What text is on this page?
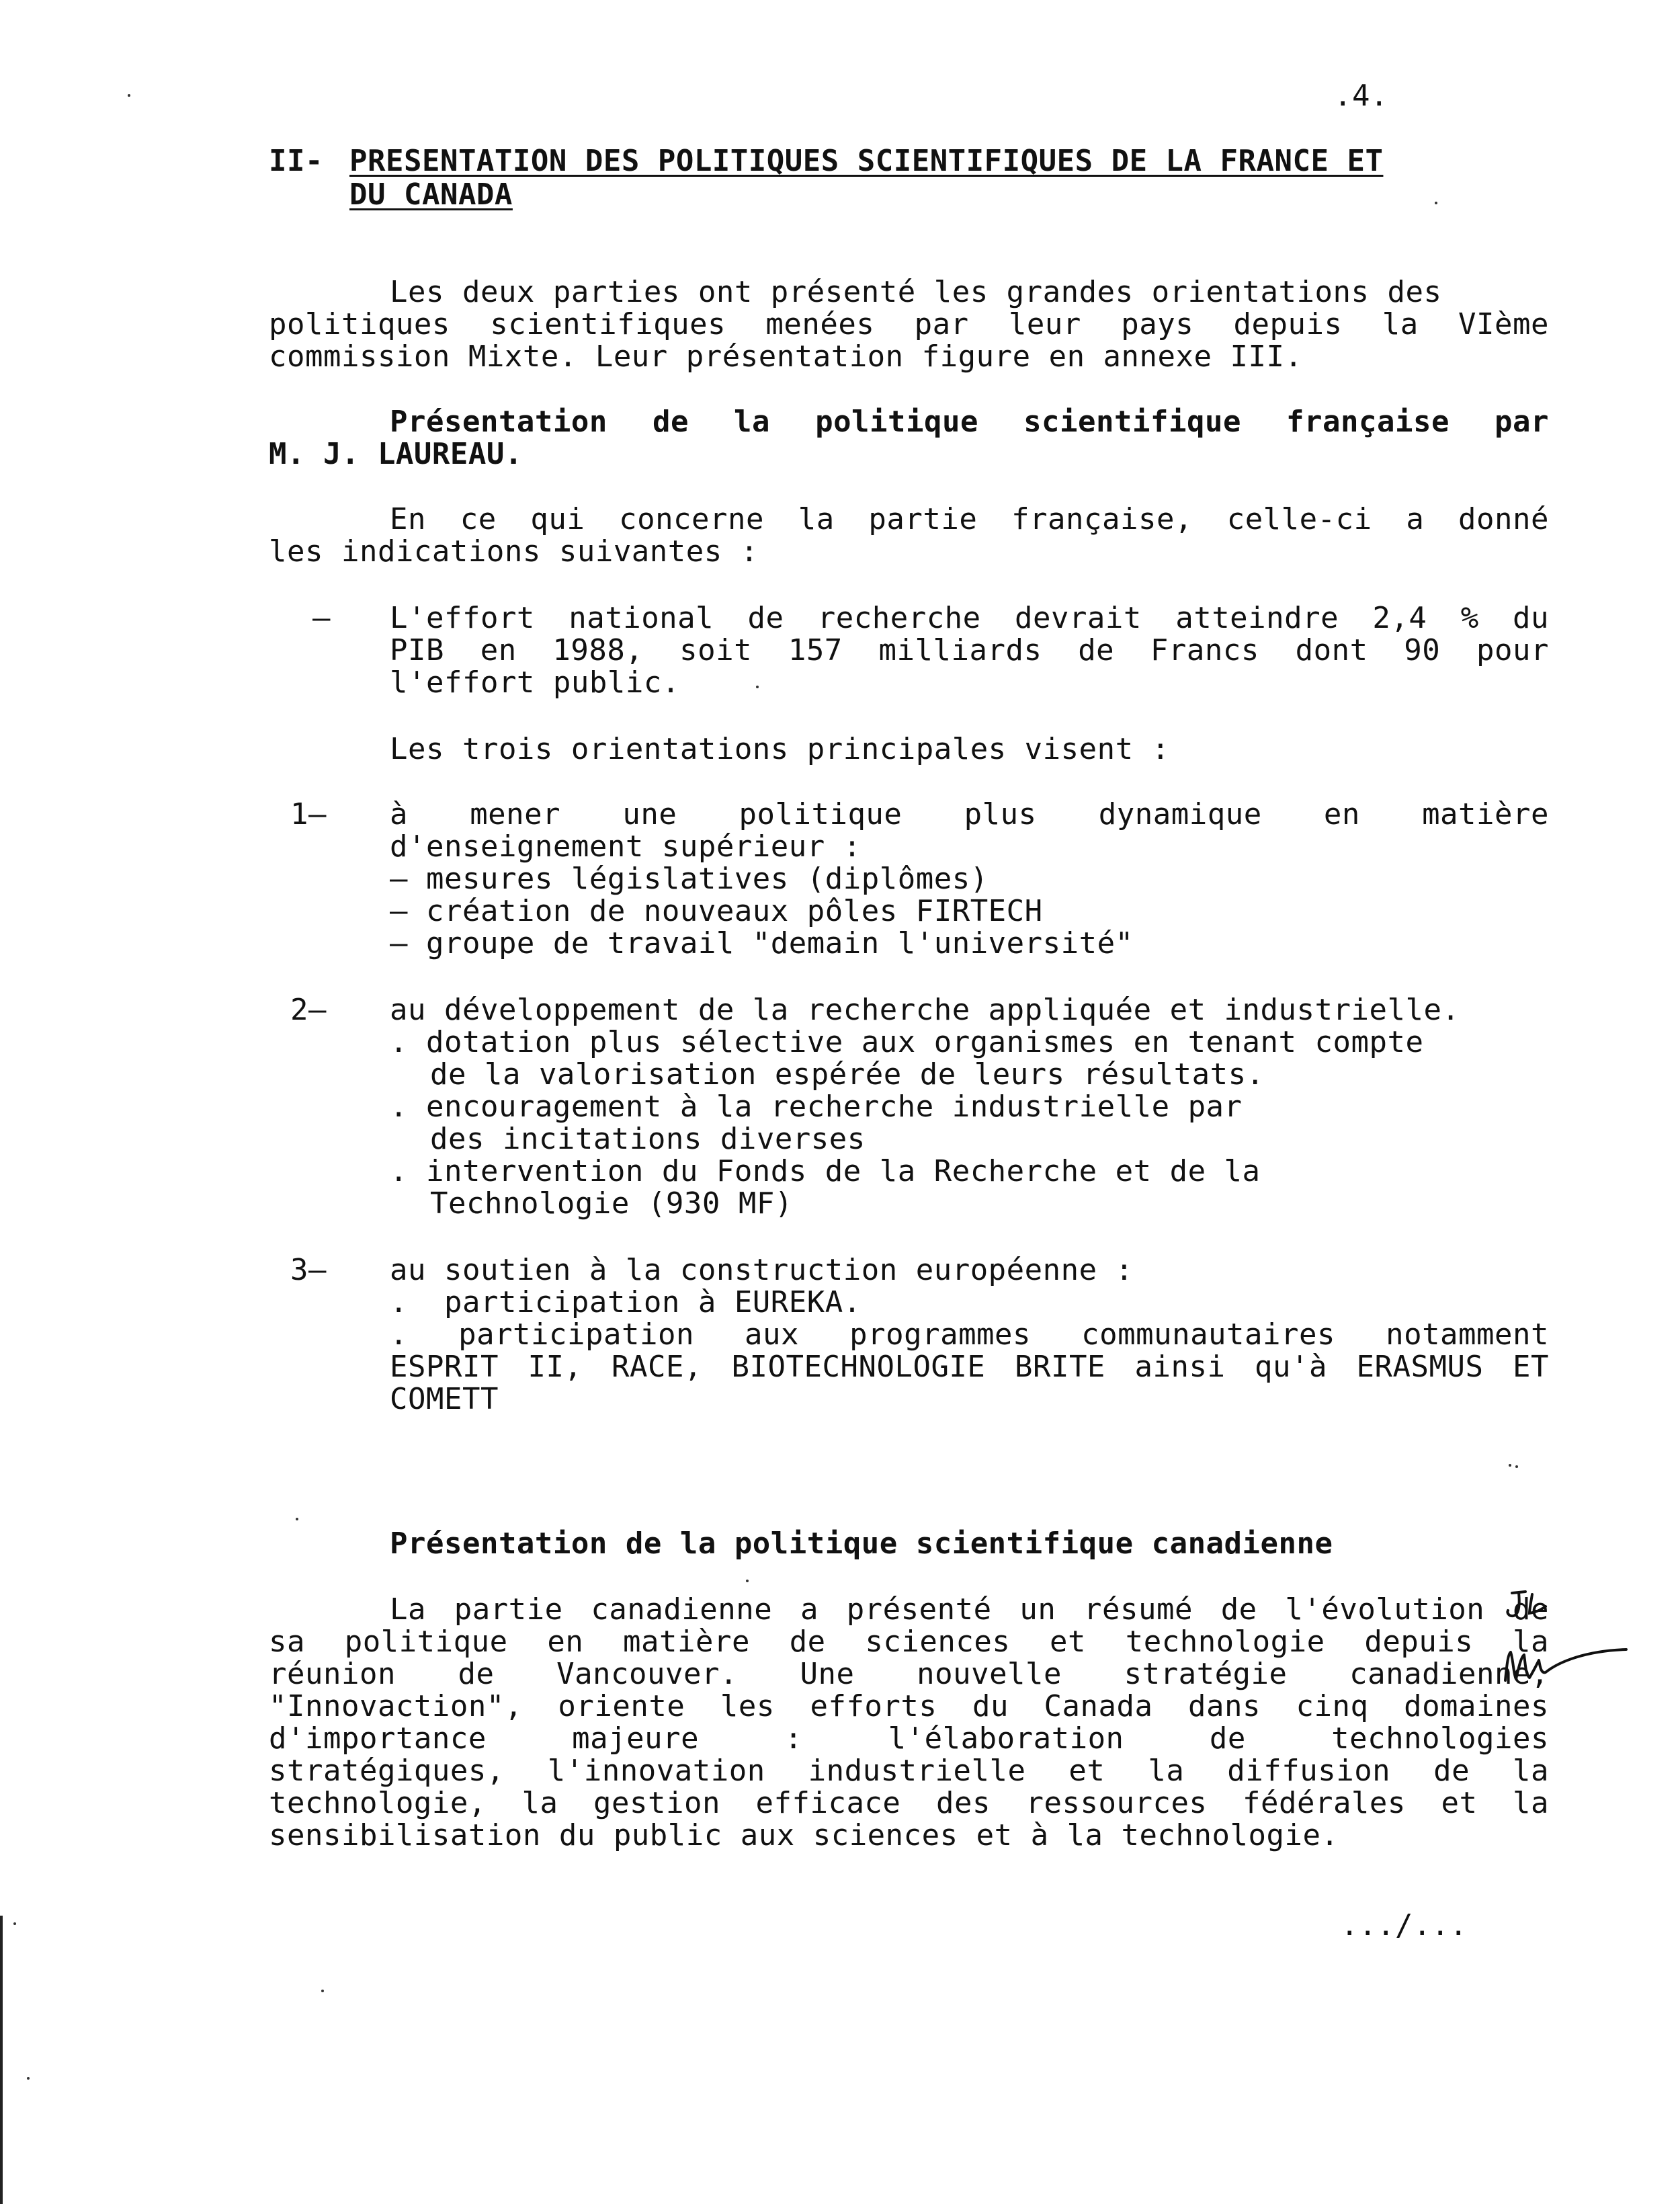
.4.
II- PRESENTATION DES POLITIQUES SCIENTIFIQUES DE LA FRANCE ET
DU CANADA
Les deux parties ont présenté les grandes orientations des
politiques scientifiques menées par leur pays depuis la VIème
commission Mixte. Leur présentation figure en annexe III.
Présentation de la politique scientifique française par
M. J. LAUREAU.
En ce qui concerne la partie française, celle-ci a donné
les indications suivantes :
— L'effort national de recherche devrait atteindre 2,4 % du
PIB en 1988, soit 157 milliards de Francs dont 90 pour
l'effort public.
Les trois orientations principales visent :
1— à mener une politique plus dynamique en matière
d'enseignement supérieur :
— mesures législatives (diplômes)
— création de nouveaux pôles FIRTECH
— groupe de travail "demain l'université"
2— au développement de la recherche appliquée et industrielle.
. dotation plus sélective aux organismes en tenant compte
de la valorisation espérée de leurs résultats.
. encouragement à la recherche industrielle par
des incitations diverses
. intervention du Fonds de la Recherche et de la
Technologie (930 MF)
3— au soutien à la construction européenne :
.  participation à EUREKA.
. participation aux programmes communautaires notamment
ESPRIT II, RACE, BIOTECHNOLOGIE BRITE ainsi qu'à ERASMUS ET
COMETT
Présentation de la politique scientifique canadienne
La partie canadienne a présenté un résumé de l'évolution de
sa politique en matière de sciences et technologie depuis la
réunion de Vancouver. Une nouvelle stratégie canadienne,
"Innovaction", oriente les efforts du Canada dans cinq domaines
d'importance majeure : l'élaboration de technologies
stratégiques, l'innovation industrielle et la diffusion de la
technologie, la gestion efficace des ressources fédérales et la
sensibilisation du public aux sciences et à la technologie.
.../...
